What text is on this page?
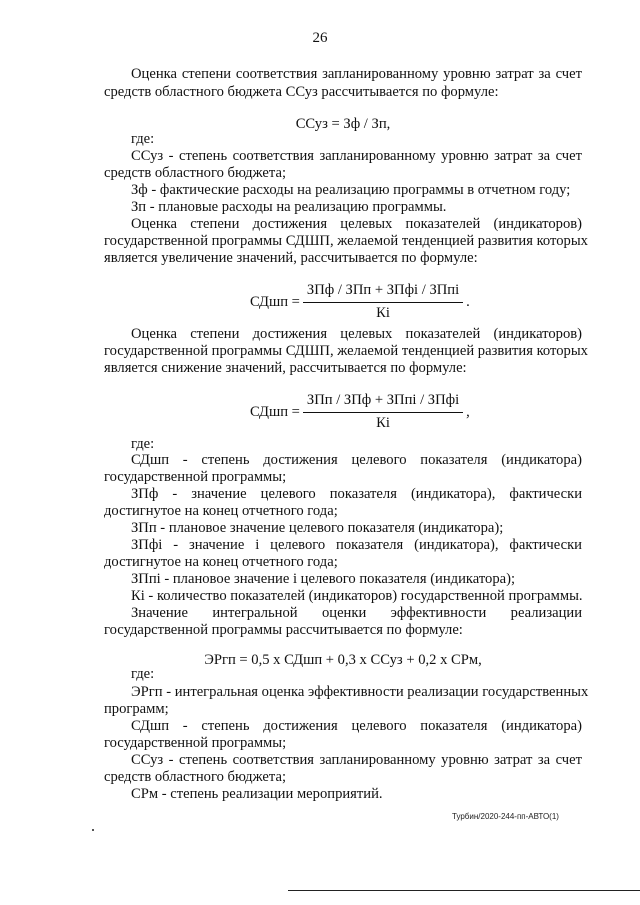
26
Оценка степени соответствия запланированному уровню затрат за счет
средств областного бюджета ССуз рассчитывается по формуле:
ССуз = Зф / Зп,
где:
ССуз - степень соответствия запланированному уровню затрат за счет
средств областного бюджета;
Зф - фактические расходы на реализацию программы в отчетном году;
Зп - плановые расходы на реализацию программы.
Оценка степени достижения целевых показателей (индикаторов)
государственной программы СДШП, желаемой тенденцией развития которых
является увеличение значений, рассчитывается по формуле:
СДшп = $\frac{\text{ЗПф / ЗПп + ЗПфі / ЗПпі}}{Кі}$ .
Оценка степени достижения целевых показателей (индикаторов)
государственной программы СДШП, желаемой тенденцией развития которых
является снижение значений, рассчитывается по формуле:
СДшп = $\frac{\text{ЗПп / ЗПф + ЗПпі / ЗПфі}}{Кі}$ ,
где:
СДшп - степень достижения целевого показателя (индикатора)
государственной программы;
ЗПф - значение целевого показателя (индикатора), фактически
достигнутое на конец отчетного года;
ЗПп - плановое значение целевого показателя (индикатора);
ЗПфі - значение і целевого показателя (индикатора), фактически
достигнутое на конец отчетного года;
ЗПпі - плановое значение і целевого показателя (индикатора);
Кі - количество показателей (индикаторов) государственной программы.
Значение интегральной оценки эффективности реализации
государственной программы рассчитывается по формуле:
ЭРгп = 0,5 х СДшп + 0,3 х ССуз + 0,2 х СРм,
где:
ЭРгп - интегральная оценка эффективности реализации государственных
программ;
СДшп - степень достижения целевого показателя (индикатора)
государственной программы;
ССуз - степень соответствия запланированному уровню затрат за счет
средств областного бюджета;
СРм - степень реализации мероприятий.
Турбин/2020-244-пп-АВТО(1)
